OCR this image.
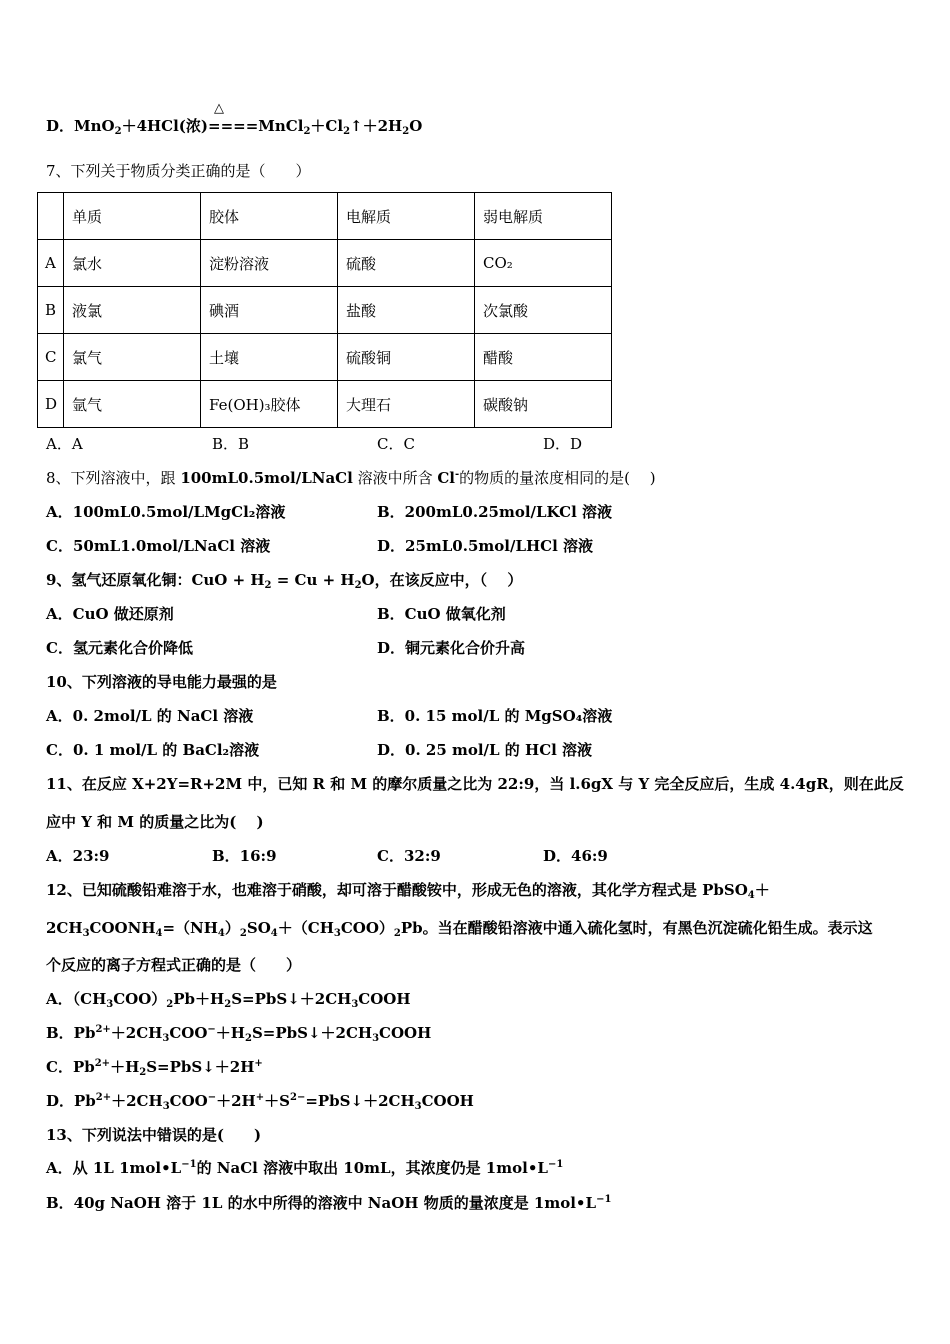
D．MnO$_2$＋4HCl(浓)
△
$====MnCl_2+Cl_2↑+2H_2O$
7、下列关于物质分类正确的是（　　）
	单质	胶体	电解质	弱电解质
A	氯水	淀粉溶液	硫酸	CO₂
B	液氯	碘酒	盐酸	次氯酸
C	氯气	土壤	硫酸铜	醋酸
D	氩气	Fe(OH)₃胶体	大理石	碳酸钠
A．A	B．B	C．C	D．D
8、下列溶液中，跟 100mL0.5mol/LNaCl 溶液中所含 Cl-的物质的量浓度相同的是(　 )
A．100mL0.5mol/LMgCl₂溶液	B．200mL0.25mol/LKCl 溶液
C．50mL1.0mol/LNaCl 溶液	D．25mL0.5mol/LHCl 溶液
9、氢气还原氧化铜：CuO + $H_2 = Cu + H_2O$，在该反应中，（　 ）
A．CuO 做还原剂	B．CuO 做氧化剂
C．氢元素化合价降低	D．铜元素化合价升高
10、下列溶液的导电能力最强的是
A．0. 2mol/L 的 NaCl 溶液	B．0. 15 mol/L 的 MgSO₄溶液
C．0. 1 mol/L 的 BaCl₂溶液	D．0. 25 mol/L 的 HCl 溶液
11、在反应 X+2Y=R+2M 中，已知 R 和 M 的摩尔质量之比为 22:9，当 l.6gX 与 Y 完全反应后，生成 4.4gR，则在此反
应中 Y 和 M 的质量之比为(　 )
A．23:9	B．16:9	C．32:9	D．46:9
12、已知硫酸铅难溶于水，也难溶于硝酸，却可溶于醋酸铵中，形成无色的溶液，其化学方程式是 PbSO$_4$＋
$2CH_3COONH_4=(NH_4)_2SO_4+(CH_3COO)_2Pb$。当在醋酸铅溶液中通入硫化氢时，有黑色沉淀硫化铅生成。表示这
个反应的离子方程式正确的是（　　）
A．$(CH_3COO)_2Pb+H_2S=PbS↓+2CH_3COOH$
B．$Pb^{2+}+2CH_3COO^-+H_2S=PbS↓+2CH_3COOH$
C．$Pb^{2+}+H_2S=PbS↓+2H^+$
D．$Pb^{2+}+2CH_3COO^-+2H^++S^{2-}=PbS↓+2CH_3COOH$
13、下列说法中错误的是(　　)
A．从 1L $1mol•L^{-1}$的 NaCl 溶液中取出 10mL，其浓度仍是 $1mol•L^{-1}$
B．40g NaOH 溶于 1L 的水中所得的溶液中 NaOH 物质的量浓度是 $1mol•L^{-1}$
